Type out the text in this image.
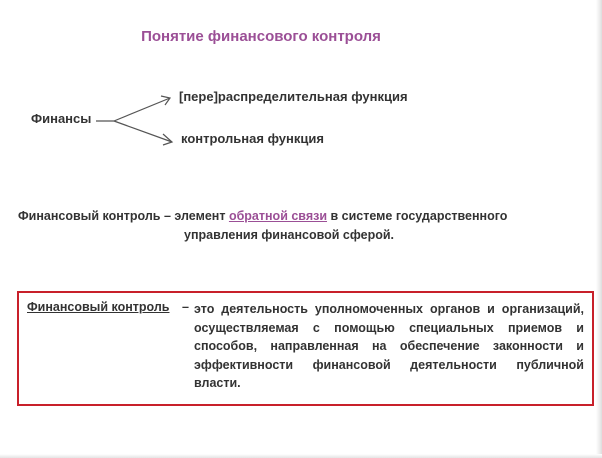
Понятие финансового контроля
Финансы
[пере]распределительная функция
контрольная функция
Финансовый контроль – элемент обратной связи в системе государственного
управления финансовой сферой.
Финансовый контроль – это деятельность уполномоченных органов и организаций, осуществляемая с помощью специальных приемов и способов, направленная на обеспечение законности и эффективности финансовой деятельности публичной власти.
